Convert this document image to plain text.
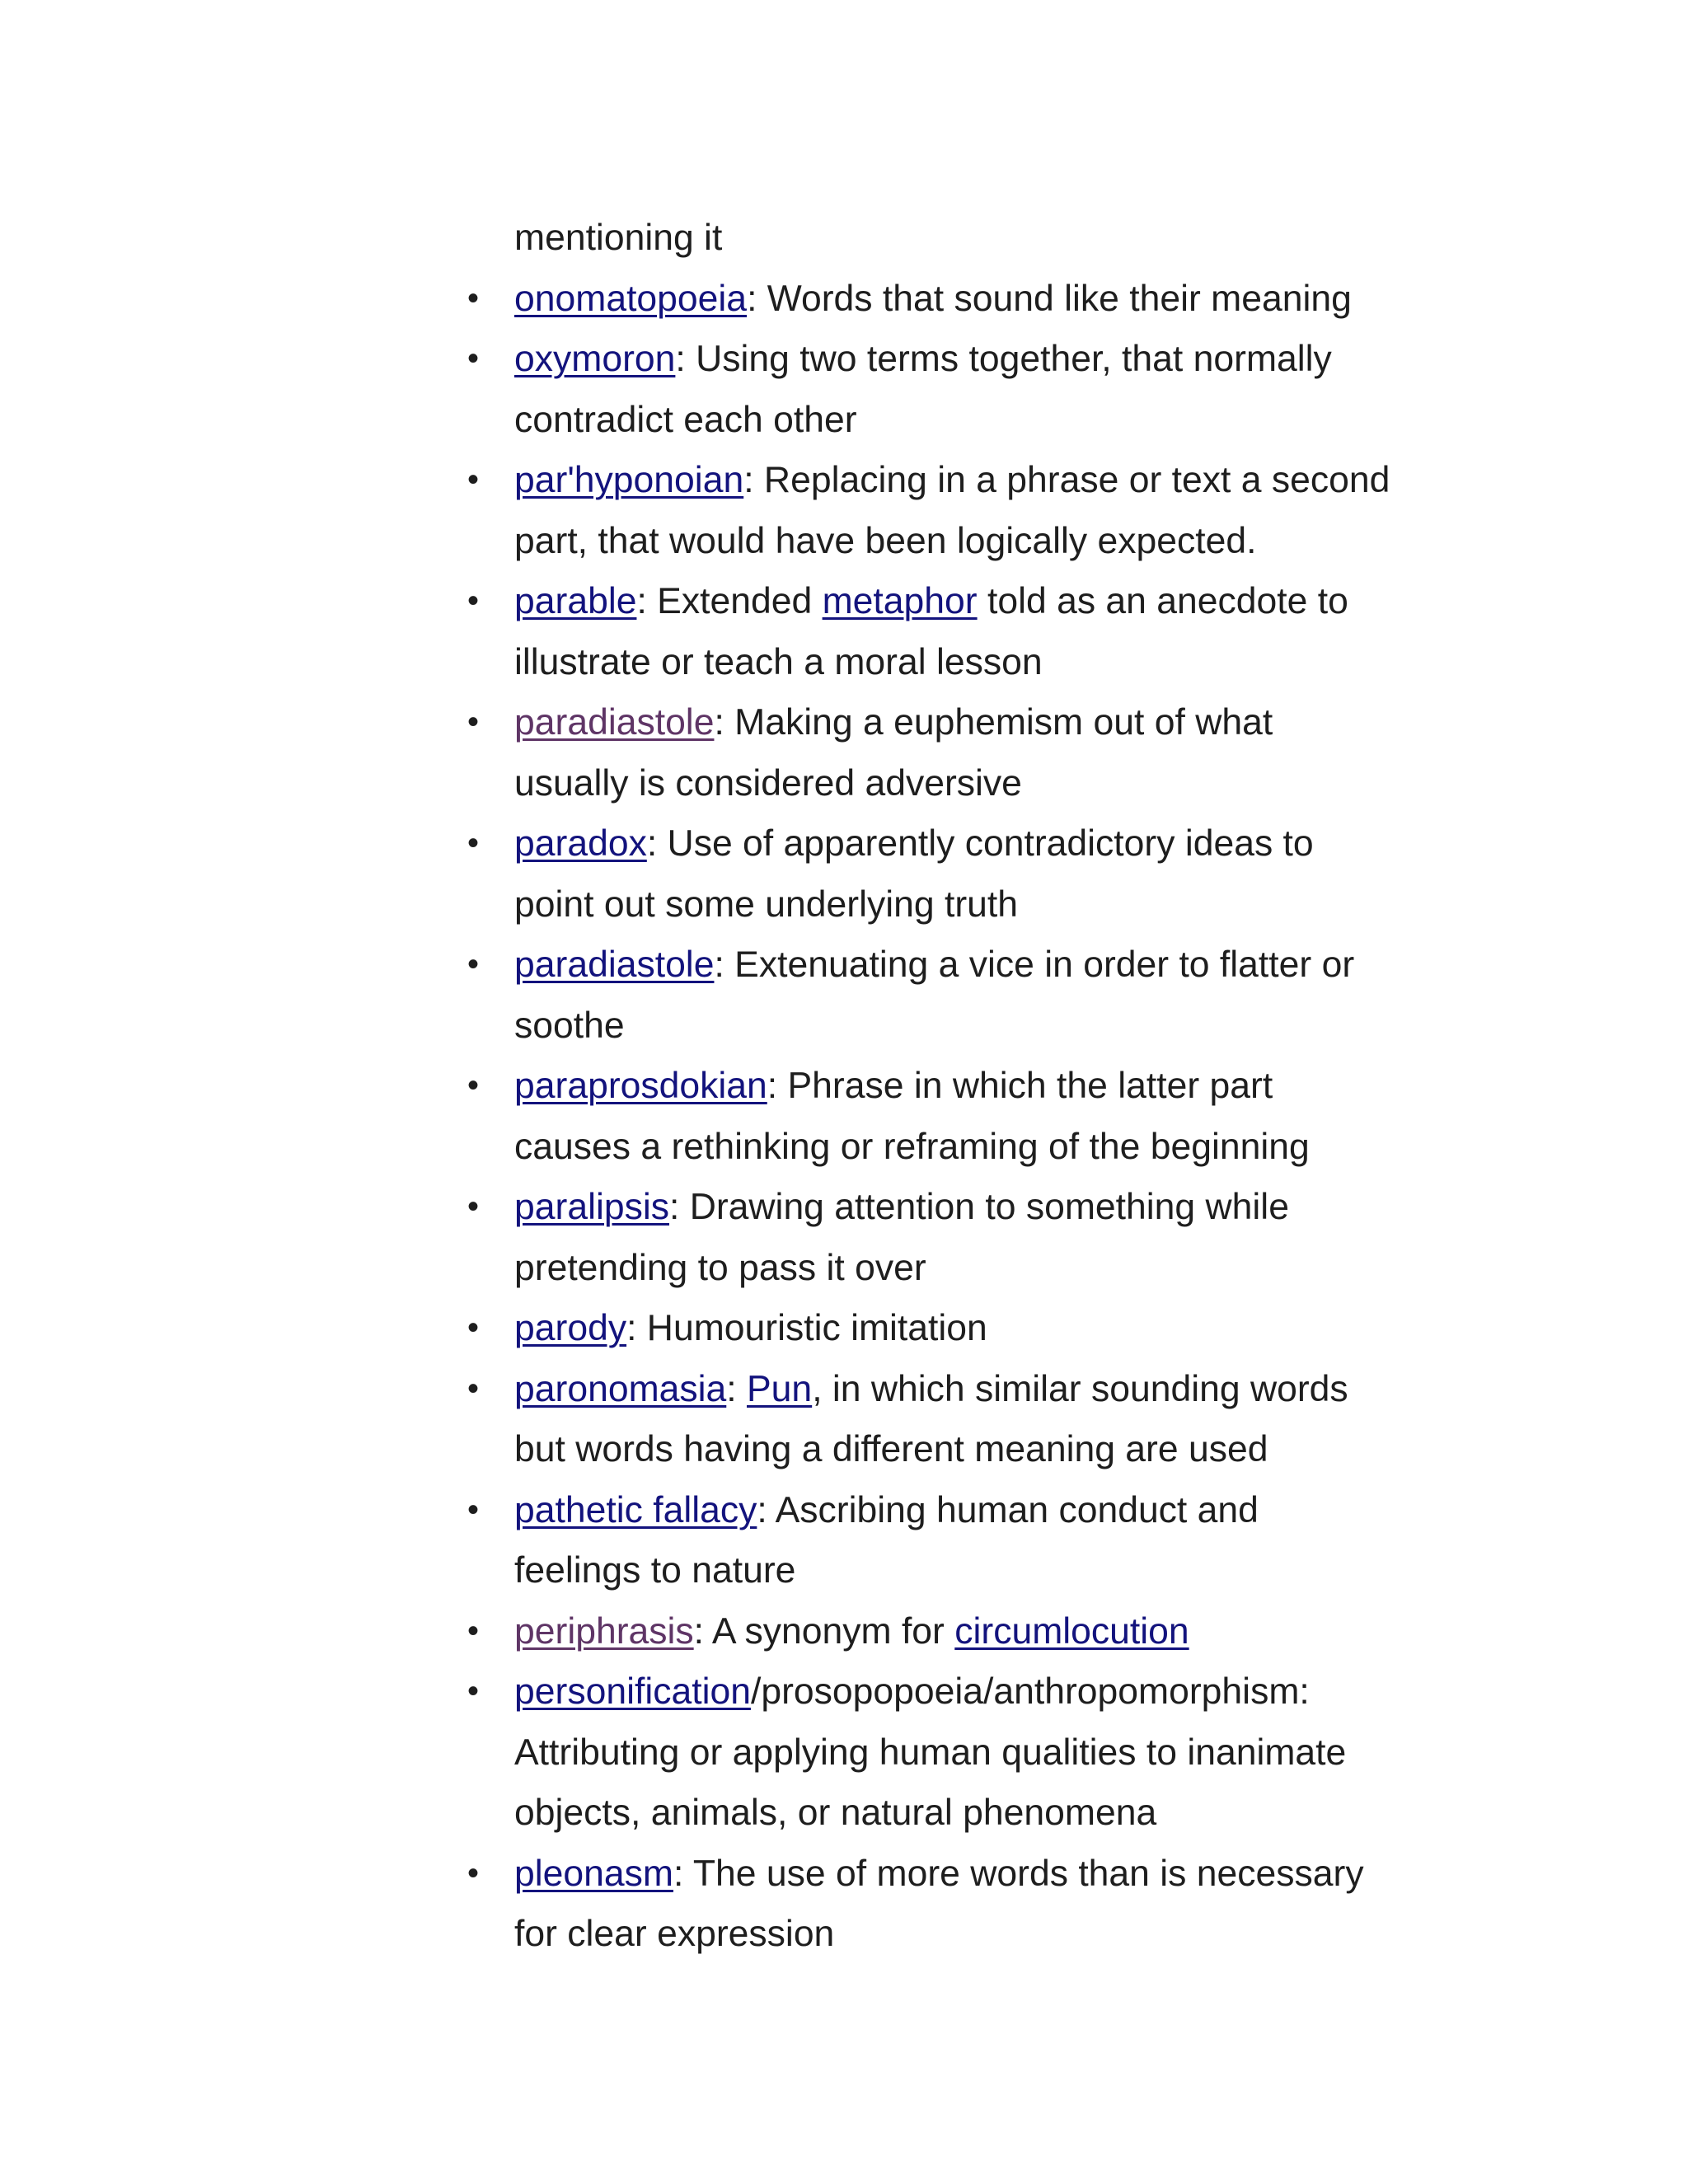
mentioning it

• onomatopoeia: Words that sound like their meaning
• oxymoron: Using two terms together, that normally
contradict each other
• par'hyponoian: Replacing in a phrase or text a second
part, that would have been logically expected.
• parable: Extended metaphor told as an anecdote to
illustrate or teach a moral lesson
• paradiastole: Making a euphemism out of what
usually is considered adversive
• paradox: Use of apparently contradictory ideas to
point out some underlying truth
• paradiastole: Extenuating a vice in order to flatter or
soothe
• paraprosdokian: Phrase in which the latter part
causes a rethinking or reframing of the beginning
• paralipsis: Drawing attention to something while
pretending to pass it over
• parody: Humouristic imitation
• paronomasia: Pun, in which similar sounding words
but words having a different meaning are used
• pathetic fallacy: Ascribing human conduct and
feelings to nature
• periphrasis: A synonym for circumlocution
• personification/prosopopoeia/anthropomorphism:
Attributing or applying human qualities to inanimate
objects, animals, or natural phenomena
• pleonasm: The use of more words than is necessary
for clear expression
